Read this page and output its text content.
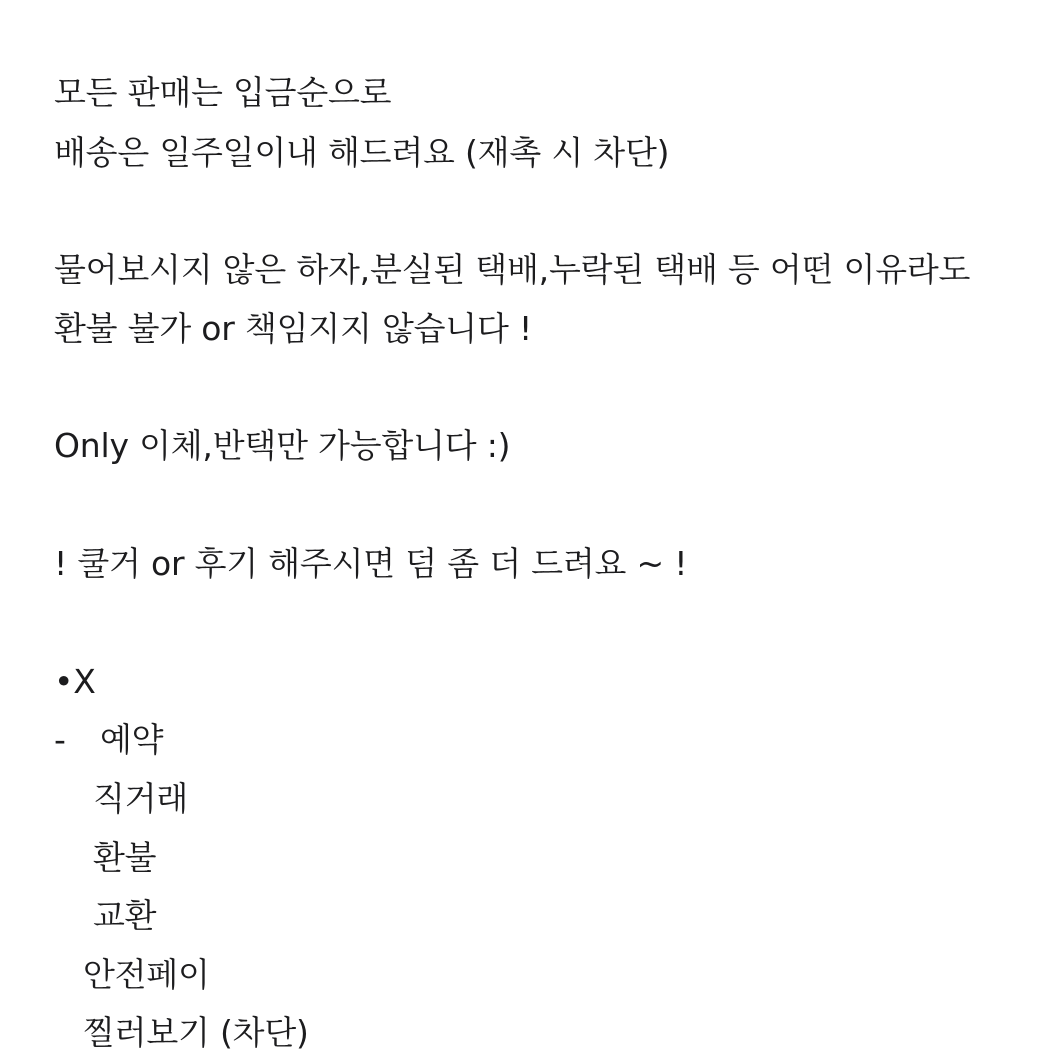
모든 판매는 입금순으로
배송은 일주일이내 해드려요 (재촉 시 차단)
물어보시지 않은 하자,분실된 택배,누락된 택배 등 어떤 이유라도
환불 불가 or 책임지지 않습니다 !
Only 이체,반택만 가능합니다 :)
! 쿨거 or 후기 해주시면 덤 좀 더 드려요 ~ !
•X
- 예약
직거래
환불
교환
안전페이
찔러보기 (차단)
